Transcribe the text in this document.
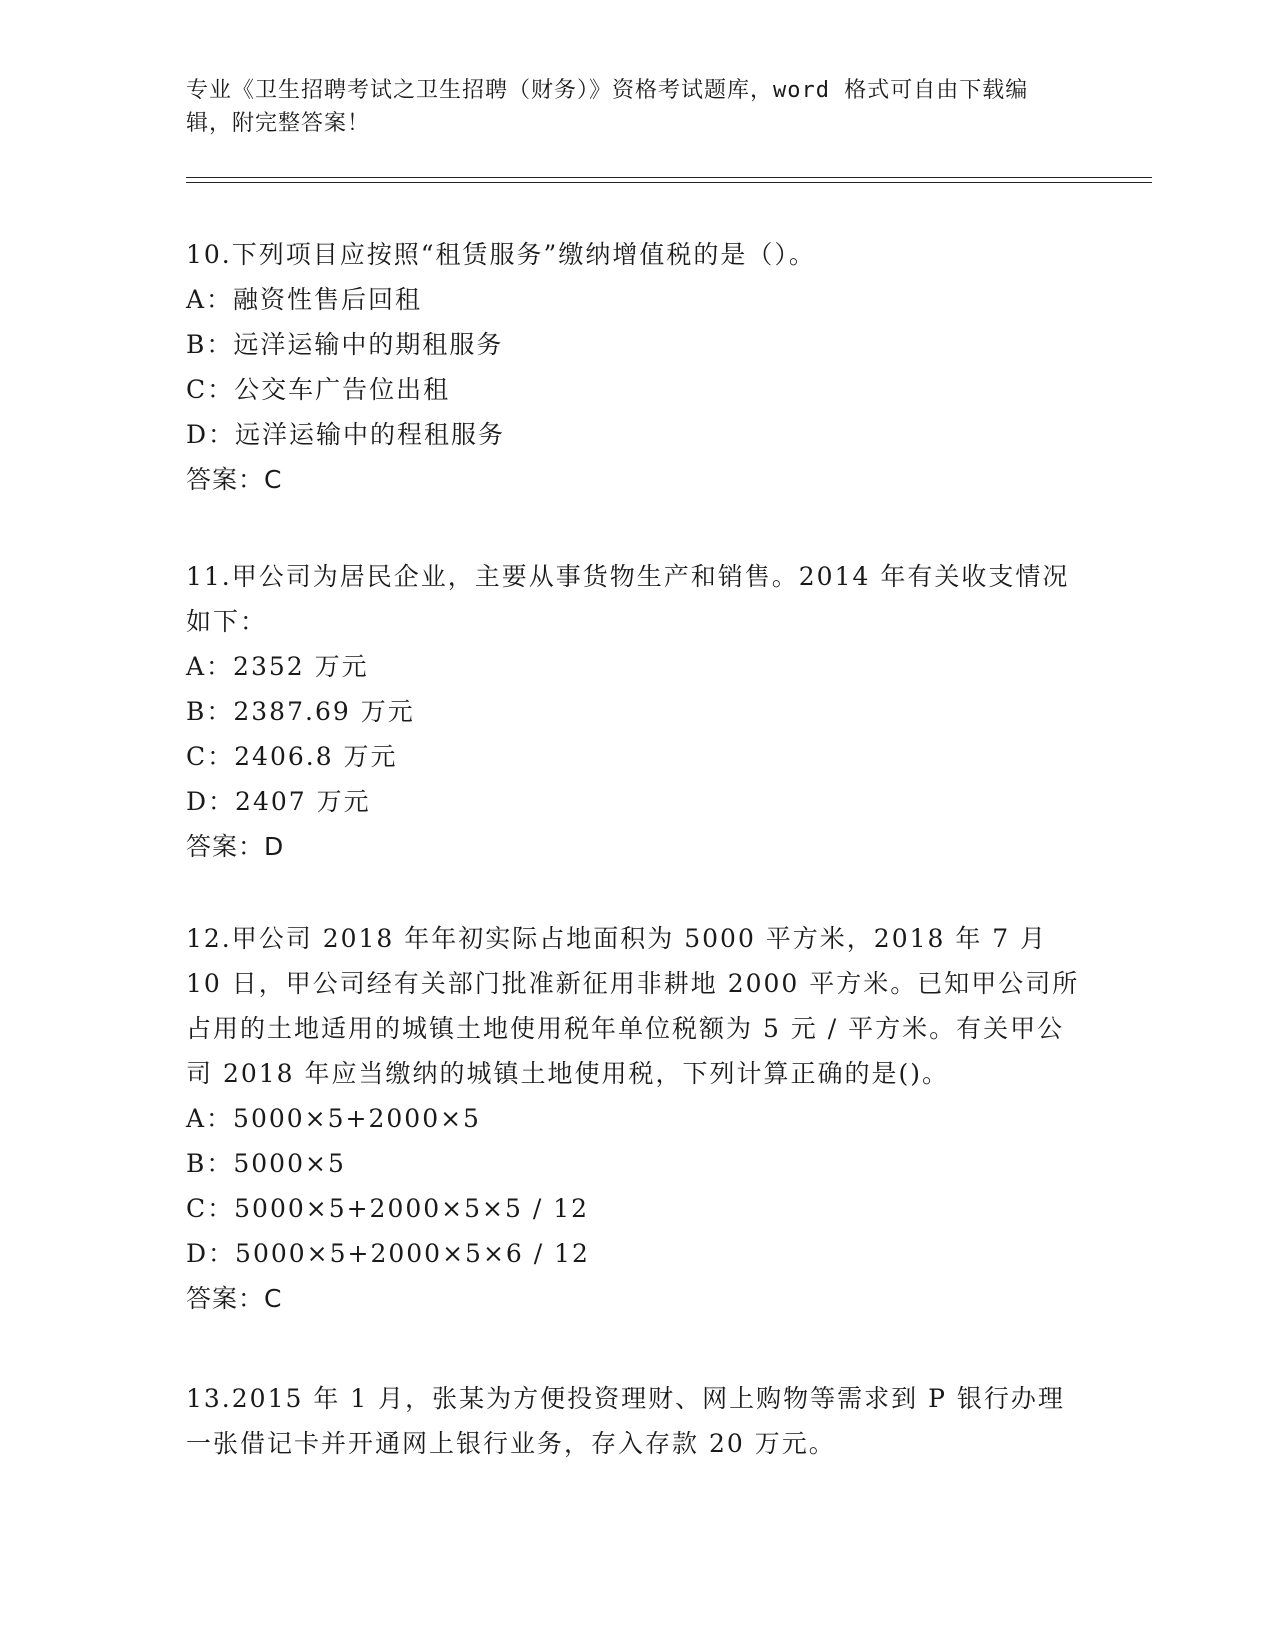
专业《卫生招聘考试之卫生招聘（财务）》资格考试题库，word 格式可自由下载编辑，附完整答案！
10.下列项目应按照“租赁服务”缴纳增值税的是（）。
A：融资性售后回租
B：远洋运输中的期租服务
C：公交车广告位出租
D：远洋运输中的程租服务
答案：C
11.甲公司为居民企业，主要从事货物生产和销售。2014 年有关收支情况如下：
A：2352 万元
B：2387.69 万元
C：2406.8 万元
D：2407 万元
答案：D
12.甲公司 2018 年年初实际占地面积为 5000 平方米，2018 年 7 月 10 日，甲公司经有关部门批准新征用非耕地 2000 平方米。已知甲公司所占用的土地适用的城镇土地使用税年单位税额为 5 元 / 平方米。有关甲公司 2018 年应当缴纳的城镇土地使用税，下列计算正确的是()。
A：5000×5+2000×5
B：5000×5
C：5000×5+2000×5×5 / 12
D：5000×5+2000×5×6 / 12
答案：C
13.2015 年 1 月，张某为方便投资理财、网上购物等需求到 P 银行办理一张借记卡并开通网上银行业务，存入存款 20 万元。
